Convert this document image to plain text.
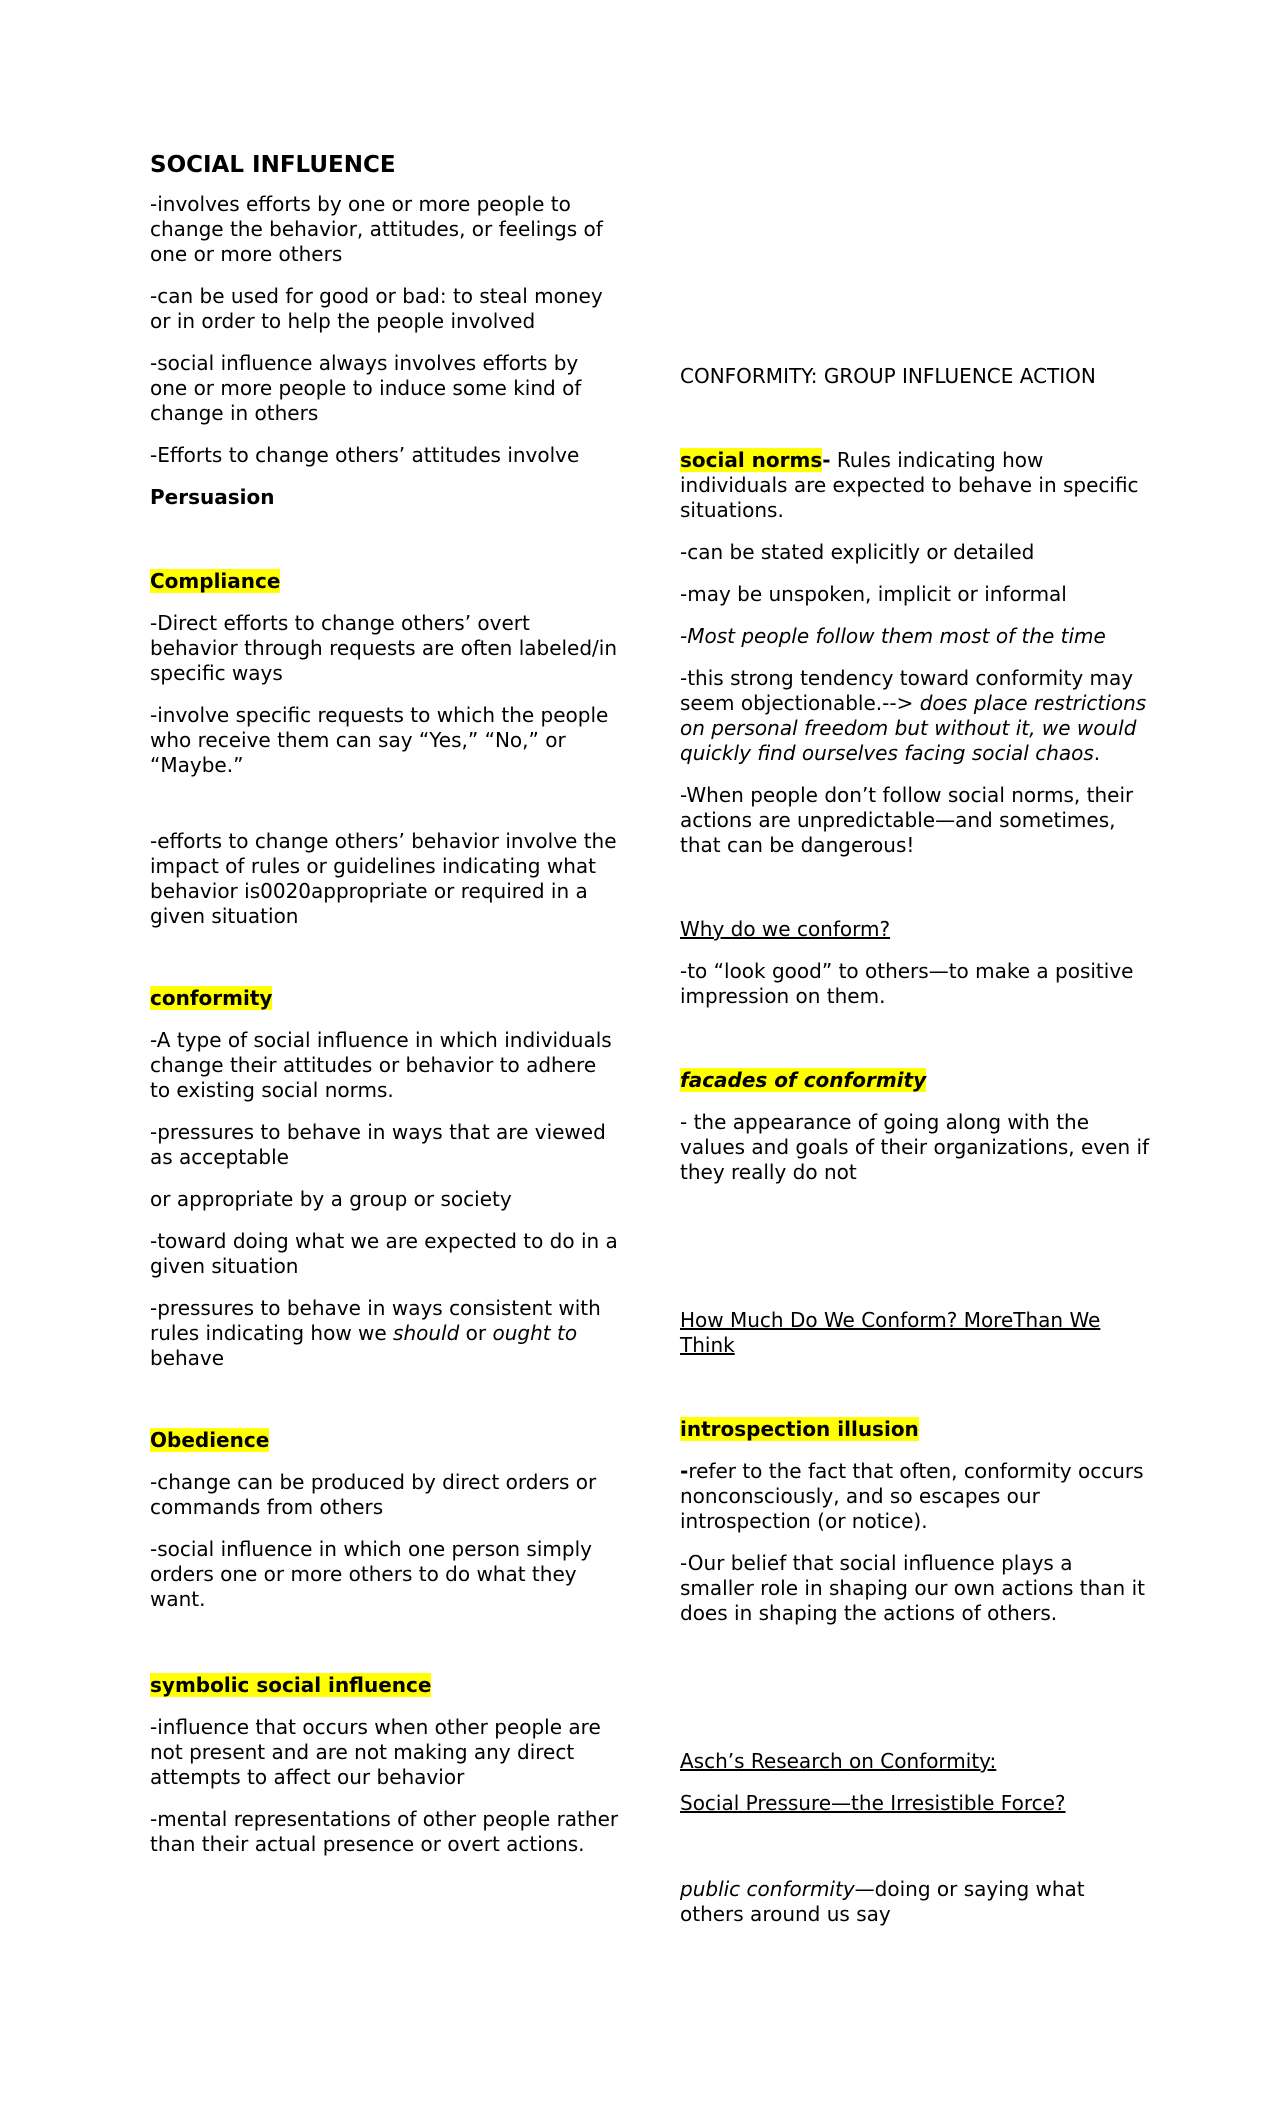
SOCIAL INFLUENCE

-involves efforts by one or more people to change the behavior, attitudes, or feelings of one or more others

-can be used for good or bad: to steal money or in order to help the people involved

-social influence always involves efforts by one or more people to induce some kind of change in others

-Efforts to change others’ attitudes involve

Persuasion

Compliance

-Direct efforts to change others’ overt behavior through requests are often labeled/in specific ways

-involve specific requests to which the people who receive them can say “Yes,” “No,” or “Maybe.”

-efforts to change others’ behavior involve the impact of rules or guidelines indicating what behavior is0020appropriate or required in a given situation

conformity

-A type of social influence in which individuals change their attitudes or behavior to adhere to existing social norms.

-pressures to behave in ways that are viewed as acceptable

or appropriate by a group or society

-toward doing what we are expected to do in a given situation

-pressures to behave in ways consistent with rules indicating how we should or ought to behave

Obedience

-change can be produced by direct orders or commands from others

-social influence in which one person simply orders one or more others to do what they want.

symbolic social influence

-influence that occurs when other people are not present and are not making any direct attempts to affect our behavior

-mental representations of other people rather than their actual presence or overt actions.

CONFORMITY: GROUP INFLUENCE ACTION

social norms- Rules indicating how individuals are expected to behave in specific situations.

-can be stated explicitly or detailed

-may be unspoken, implicit or informal

-Most people follow them most of the time

-this strong tendency toward conformity may seem objectionable.--> does place restrictions on personal freedom but without it, we would quickly find ourselves facing social chaos.

-When people don’t follow social norms, their actions are unpredictable—and sometimes, that can be dangerous!

Why do we conform?

-to “look good” to others—to make a positive impression on them.

facades of conformity

- the appearance of going along with the values and goals of their organizations, even if they really do not

How Much Do We Conform? MoreThan We Think

introspection illusion

-refer to the fact that often, conformity occurs nonconsciously, and so escapes our introspection (or notice).

-Our belief that social influence plays a smaller role in shaping our own actions than it does in shaping the actions of others.

Asch’s Research on Conformity:

Social Pressure—the Irresistible Force?

public conformity—doing or saying what others around us say
